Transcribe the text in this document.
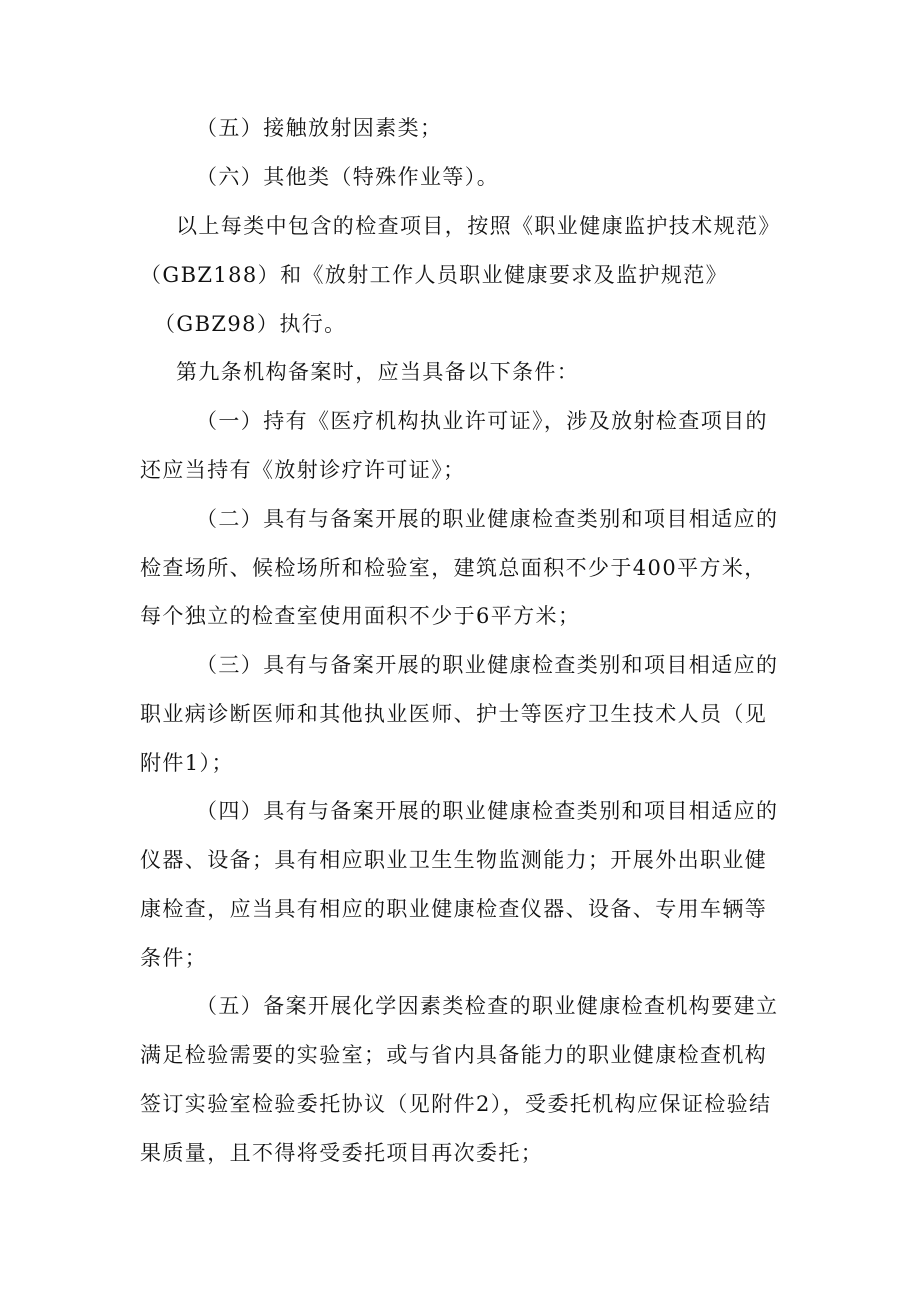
（五）接触放射因素类；
（六）其他类（特殊作业等）。
以上每类中包含的检查项目，按照《职业健康监护技术规范》
（GBZ188）和《放射工作人员职业健康要求及监护规范》
（GBZ98）执行。
第九条机构备案时，应当具备以下条件：
（一）持有《医疗机构执业许可证》，涉及放射检查项目的
还应当持有《放射诊疗许可证》；
（二）具有与备案开展的职业健康检查类别和项目相适应的
检查场所、候检场所和检验室，建筑总面积不少于400平方米，
每个独立的检查室使用面积不少于6平方米；
（三）具有与备案开展的职业健康检查类别和项目相适应的
职业病诊断医师和其他执业医师、护士等医疗卫生技术人员（见
附件1）；
（四）具有与备案开展的职业健康检查类别和项目相适应的
仪器、设备；具有相应职业卫生生物监测能力；开展外出职业健
康检查，应当具有相应的职业健康检查仪器、设备、专用车辆等
条件；
（五）备案开展化学因素类检查的职业健康检查机构要建立
满足检验需要的实验室；或与省内具备能力的职业健康检查机构
签订实验室检验委托协议（见附件2），受委托机构应保证检验结
果质量，且不得将受委托项目再次委托；
